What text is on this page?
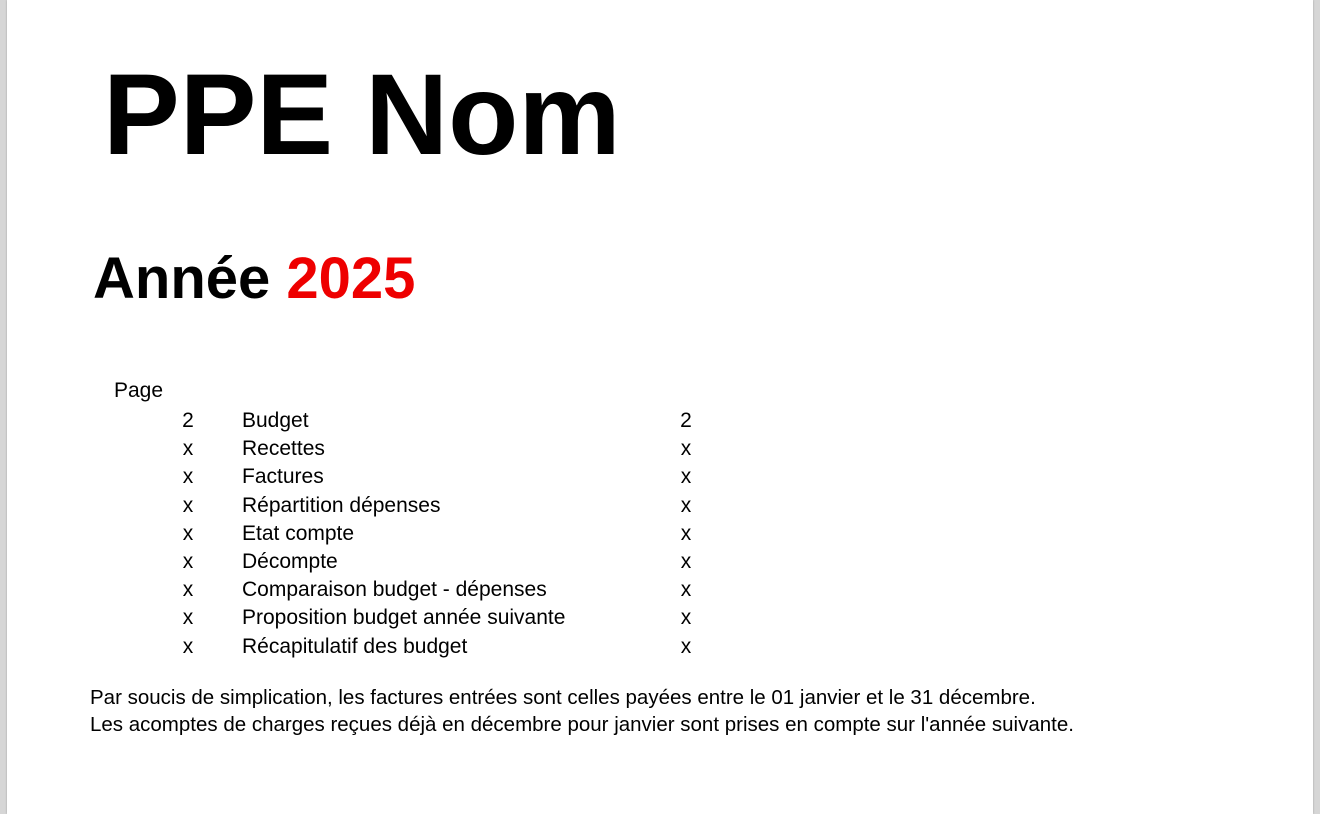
PPE Nom
Année 2025
Page
2	Budget	2
x	Recettes	x
x	Factures	x
x	Répartition dépenses	x
x	Etat compte	x
x	Décompte	x
x	Comparaison budget - dépenses	x
x	Proposition budget année suivante	x
x	Récapitulatif des budget	x

Par soucis de simplication, les factures entrées sont celles payées entre le 01 janvier et le 31 décembre.

Les acomptes de charges reçues déjà en décembre pour janvier sont prises en compte sur l'année suivante.
